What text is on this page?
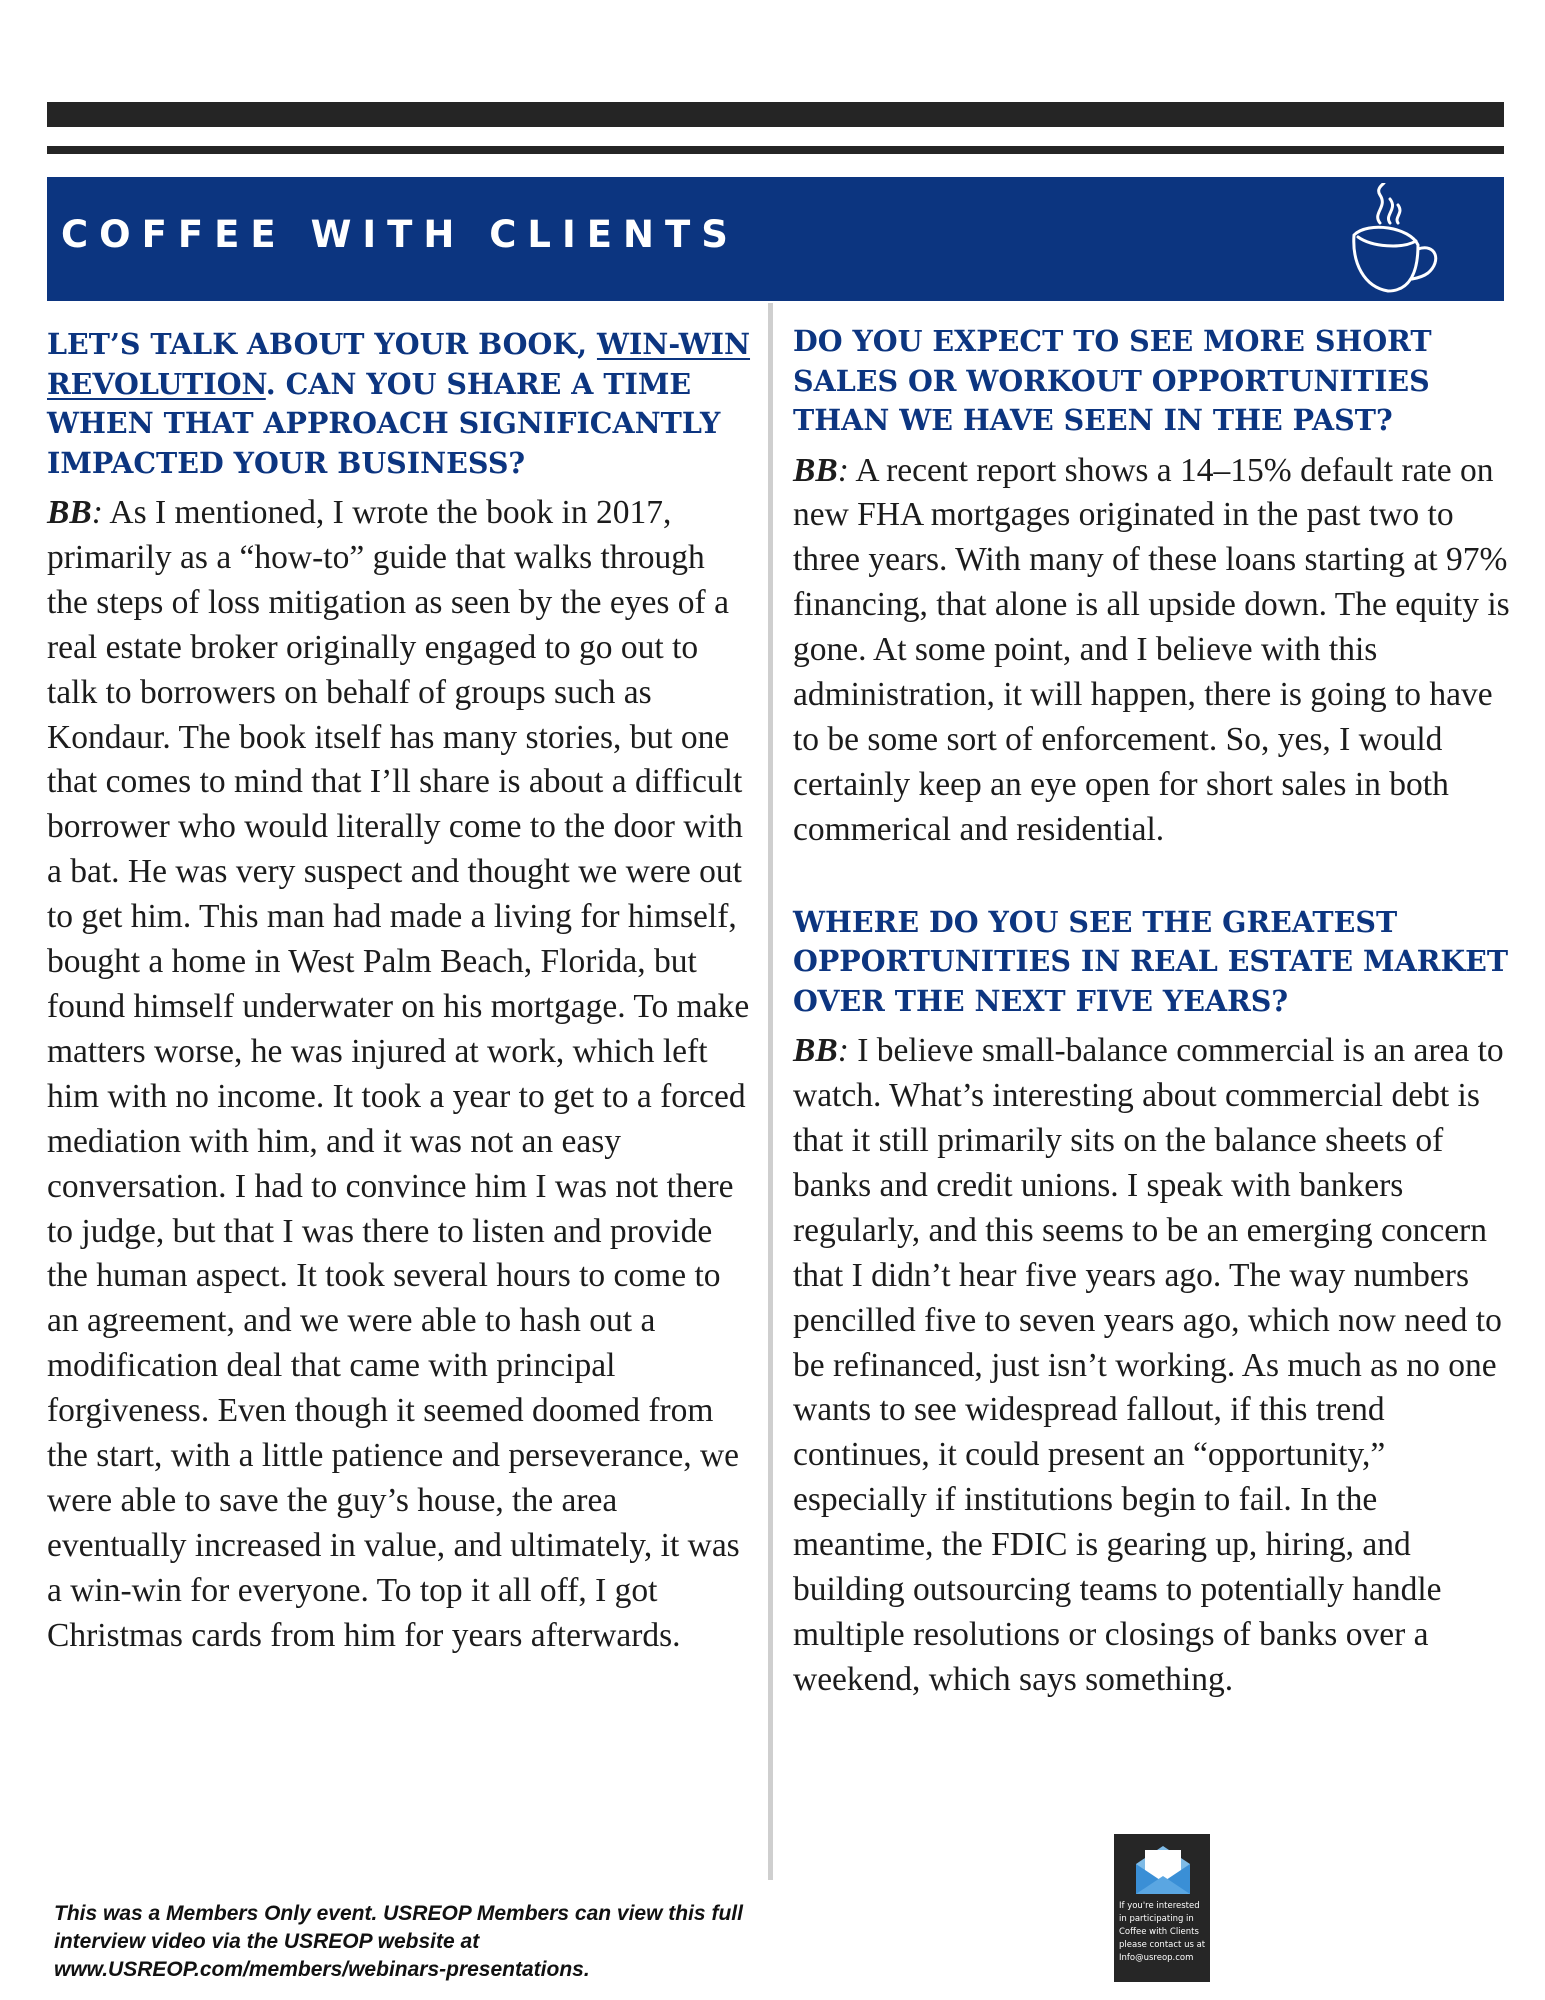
COFFEE WITH CLIENTS

LET’S TALK ABOUT YOUR BOOK, WIN-WIN REVOLUTION. CAN YOU SHARE A TIME WHEN THAT APPROACH SIGNIFICANTLY IMPACTED YOUR BUSINESS?

BB: As I mentioned, I wrote the book in 2017, primarily as a “how-to” guide that walks through the steps of loss mitigation as seen by the eyes of a real estate broker originally engaged to go out to talk to borrowers on behalf of groups such as Kondaur. The book itself has many stories, but one that comes to mind that I’ll share is about a difficult borrower who would literally come to the door with a bat. He was very suspect and thought we were out to get him. This man had made a living for himself, bought a home in West Palm Beach, Florida, but found himself underwater on his mortgage. To make matters worse, he was injured at work, which left him with no income. It took a year to get to a forced mediation with him, and it was not an easy conversation. I had to convince him I was not there to judge, but that I was there to listen and provide the human aspect. It took several hours to come to an agreement, and we were able to hash out a modification deal that came with principal forgiveness. Even though it seemed doomed from the start, with a little patience and perseverance, we were able to save the guy’s house, the area eventually increased in value, and ultimately, it was a win-win for everyone. To top it all off, I got Christmas cards from him for years afterwards.

DO YOU EXPECT TO SEE MORE SHORT SALES OR WORKOUT OPPORTUNITIES THAN WE HAVE SEEN IN THE PAST?

BB: A recent report shows a 14–15% default rate on new FHA mortgages originated in the past two to three years. With many of these loans starting at 97% financing, that alone is all upside down. The equity is gone. At some point, and I believe with this administration, it will happen, there is going to have to be some sort of enforcement. So, yes, I would certainly keep an eye open for short sales in both commerical and residential.

WHERE DO YOU SEE THE GREATEST OPPORTUNITIES IN REAL ESTATE MARKET OVER THE NEXT FIVE YEARS?

BB: I believe small-balance commercial is an area to watch. What’s interesting about commercial debt is that it still primarily sits on the balance sheets of banks and credit unions. I speak with bankers regularly, and this seems to be an emerging concern that I didn’t hear five years ago. The way numbers pencilled five to seven years ago, which now need to be refinanced, just isn’t working. As much as no one wants to see widespread fallout, if this trend continues, it could present an “opportunity,” especially if institutions begin to fail. In the meantime, the FDIC is gearing up, hiring, and building outsourcing teams to potentially handle multiple resolutions or closings of banks over a weekend, which says something.

This was a Members Only event. USREOP Members can view this full interview video via the USREOP website at www.USREOP.com/members/webinars-presentations.
If you're interested in participating in Coffee with Clients please contact us at Info@usreop.com
